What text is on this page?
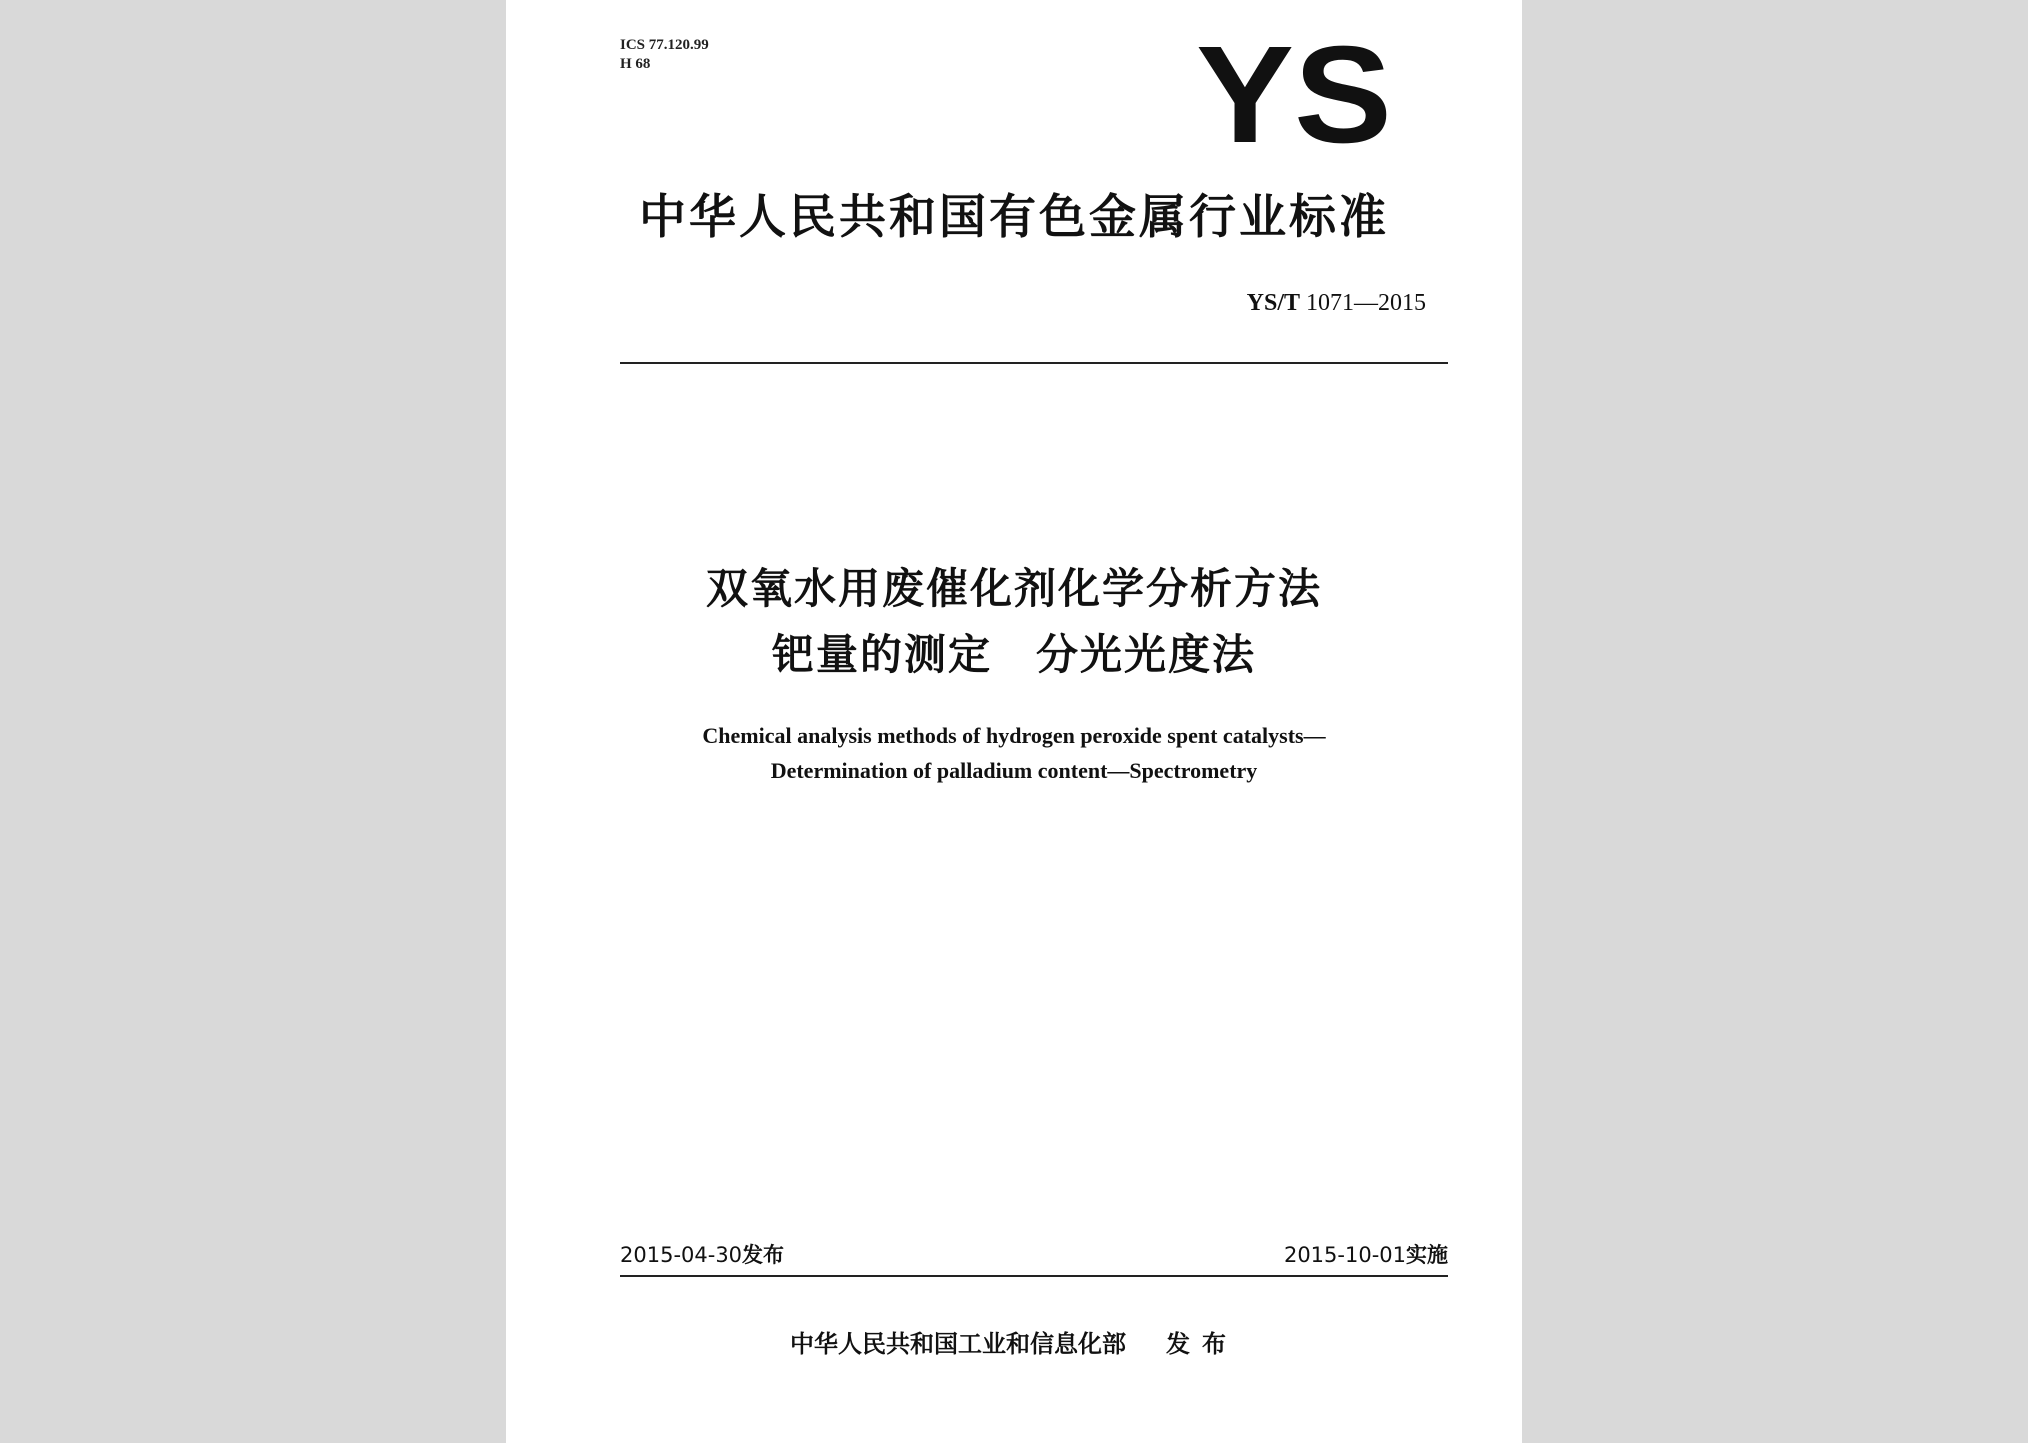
ICS 77.120.99
H 68	YS
中华人民共和国有色金属行业标准
YS/T 1071—2015
双氧水用废催化剂化学分析方法
钯量的测定　分光光度法
Chemical analysis methods of hydrogen peroxide spent catalysts—
Determination of palladium content—Spectrometry
2015-04-30发布	2015-10-01实施
中华人民共和国工业和信息化部 发布
